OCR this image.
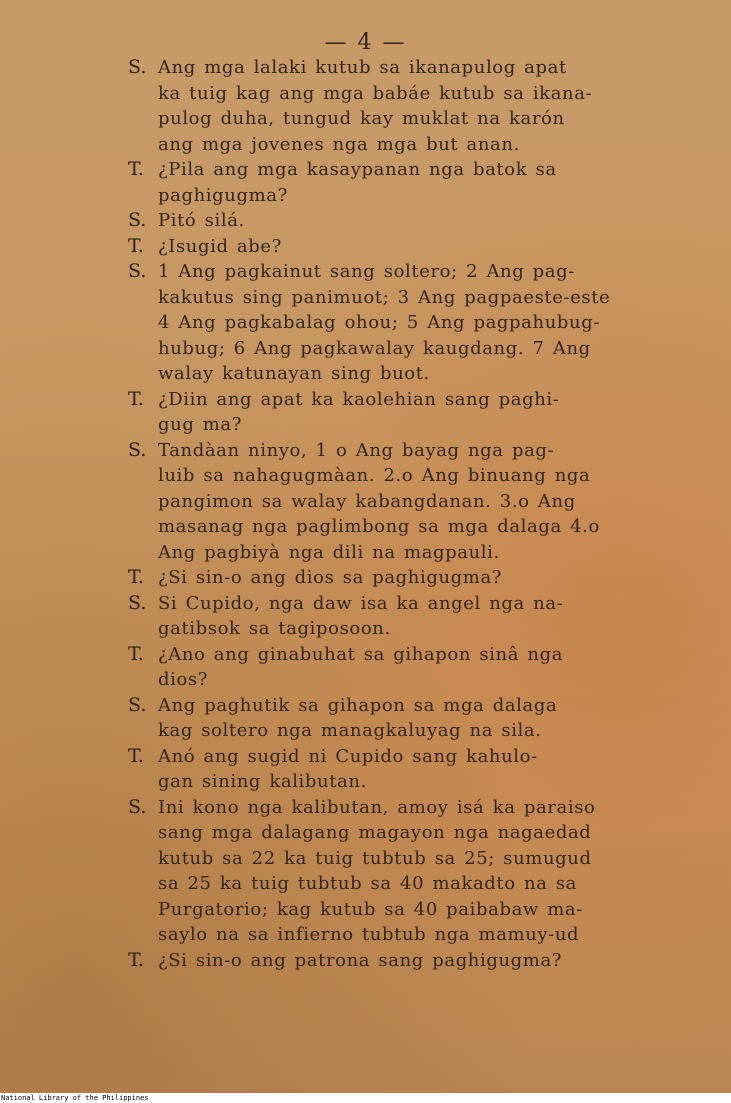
— 4 —
S. Ang mga lalaki kutub sa ikanapulog apat
ka tuig kag ang mga babáe kutub sa ikana-
pulog duha, tungud kay muklat na karón
ang mga jovenes nga mga but anan.
T. ¿Pila ang mga kasaypanan nga batok sa
paghigugma?
S. Pitó silá.
T. ¿Isugid abe?
S. 1 Ang pagkainut sang soltero; 2 Ang pag-
kakutus sing panimuot; 3 Ang pagpaeste-este
4 Ang pagkabalag ohou; 5 Ang pagpahubug-
hubug; 6 Ang pagkawalay kaugdang. 7 Ang
walay katunayan sing buot.
T. ¿Diin ang apat ka kaolehian sang paghi-
gug ma?
S. Tandàan ninyo, 1 o Ang bayag nga pag-
luib sa nahagugmàan. 2.o Ang binuang nga
pangimon sa walay kabangdanan. 3.o Ang
masanag nga paglimbong sa mga dalaga 4.o
Ang pagbiyà nga dili na magpauli.
T. ¿Si sin-o ang dios sa paghigugma?
S. Si Cupido, nga daw isa ka angel nga na-
gatibsok sa tagiposoon.
T. ¿Ano ang ginabuhat sa gihapon sinâ nga
dios?
S. Ang paghutik sa gihapon sa mga dalaga
kag soltero nga managkaluyag na sila.
T. Anó ang sugid ni Cupido sang kahulo-
gan sining kalibutan.
S. Ini kono nga kalibutan, amoy isá ka paraiso
sang mga dalagang magayon nga nagaedad
kutub sa 22 ka tuig tubtub sa 25; sumugud
sa 25 ka tuig tubtub sa 40 makadto na sa
Purgatorio; kag kutub sa 40 paibabaw ma-
saylo na sa infierno tubtub nga mamuy-ud
T. ¿Si sin-o ang patrona sang paghigugma?
National Library of the Philippines
